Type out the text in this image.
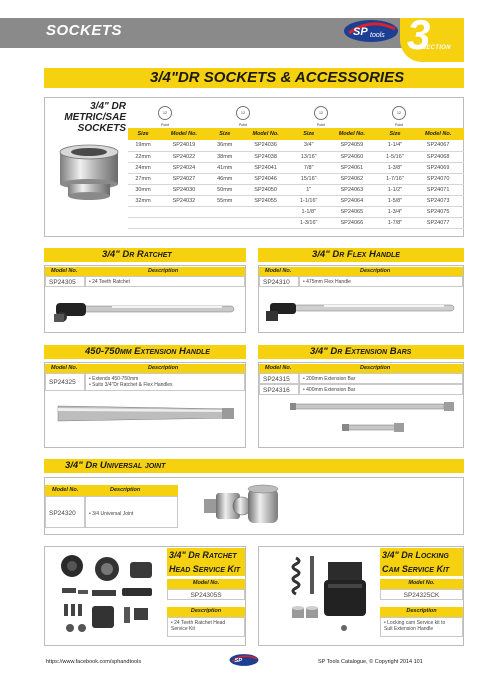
SOCKETS	SP tools 3
SECTION
3/4"DR SOCKETS & ACCESSORIES
3/4" DR
METRIC/SAE
SOCKETS
12 Point
12 Point
12 Point
12 Point
Size	Model No.	Size	Model No.	Size	Model No.	Size	Model No.
19mm	SP24019	36mm	SP24036	3/4"	SP24059	1-1/4"	SP24067
22mm	SP24022	38mm	SP24038	13/16"	SP24060	1-5/16"	SP24068
24mm	SP24024	41mm	SP24041	7/8"	SP24061	1-3/8"	SP24069
27mm	SP24027	46mm	SP24046	15/16"	SP24062	1-7/16"	SP24070
30mm	SP24030	50mm	SP24050	1"	SP24063	1-1/2"	SP24071
32mm	SP24032	55mm	SP24055	1-1/16"	SP24064	1-5/8"	SP24073
				1-1/8"	SP24065	1-3/4"	SP24075
				1-3/16"	SP24066	1-7/8"	SP24077
3/4" DR RATCHET
Model No.	Description
SP24305	• 24 Teeth Ratchet
3/4" DR FLEX HANDLE
Model No.	Description
SP24310	• 475mm Flex Handle
450-750MM EXTENSION HANDLE
Model No.	Description
SP24325	• Extends 450-750mm
• Suits 3/4"Dr Ratchet & Flex Handles
3/4" DR EXTENSION BARS
Model No.	Description
SP24315	• 200mm Extension Bar
SP24316	• 400mm Extension Bar
3/4" DR UNIVERSAL JOINT
Model No.	Description
SP24320	• 3/4 Universal Joint
3/4" DR RATCHET
HEAD SERVICE KIT
Model No.
SP24305S
Description
• 24 Teeth Ratchet Head
Service Kit
3/4" DR LOCKING
CAM SERVICE KIT
Model No.
SP24325CK
Description
• Locking cam Service kit to
Suit Extension Handle
https://www.facebook.com/sphandtools	SP	SP Tools Catalogue, © Copyright 2014 101
